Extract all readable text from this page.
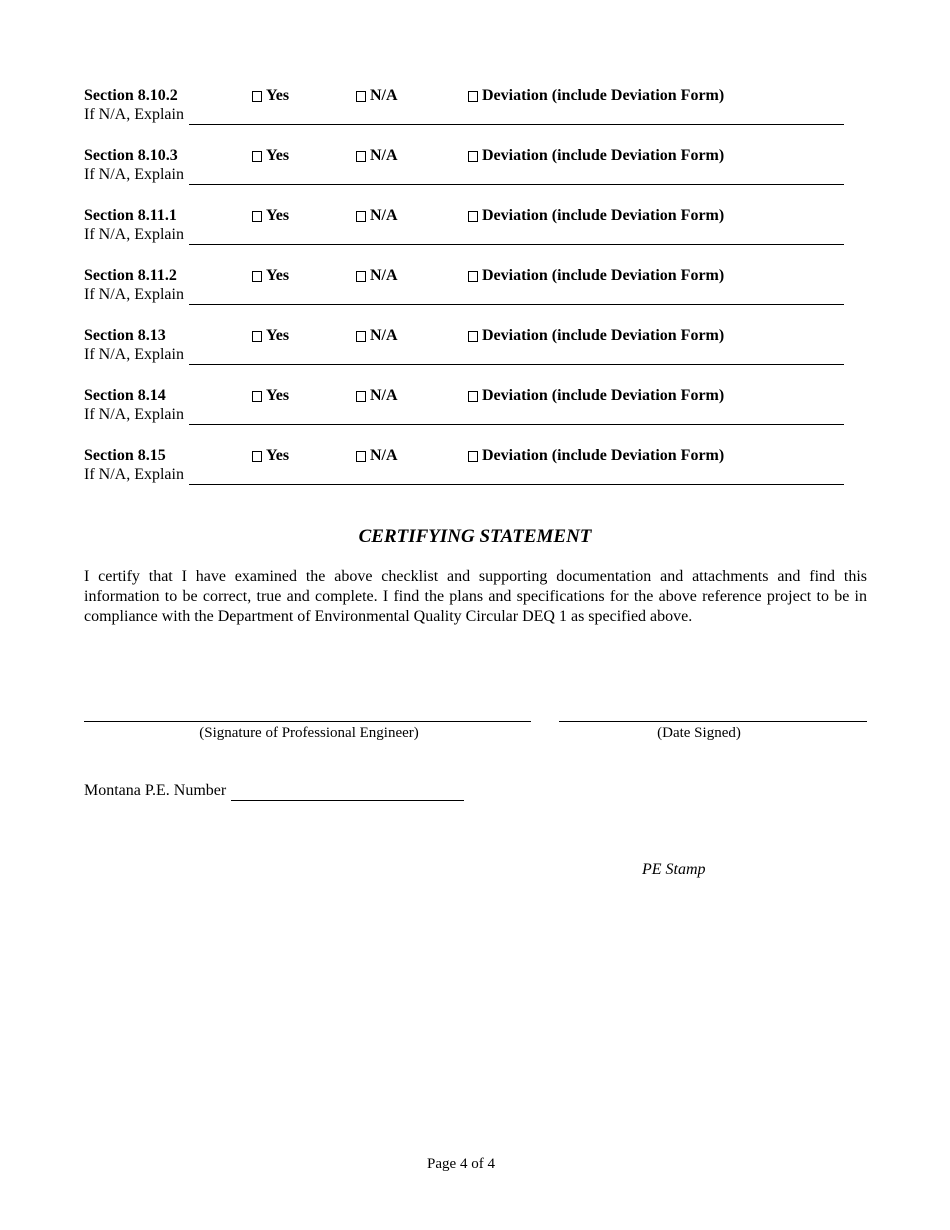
Section 8.10.2	Yes	N/A	Deviation (include Deviation Form)
If N/A, Explain
Section 8.10.3	Yes	N/A	Deviation (include Deviation Form)
If N/A, Explain
Section 8.11.1	Yes	N/A	Deviation (include Deviation Form)
If N/A, Explain
Section 8.11.2	Yes	N/A	Deviation (include Deviation Form)
If N/A, Explain
Section 8.13	Yes	N/A	Deviation (include Deviation Form)
If N/A, Explain
Section 8.14	Yes	N/A	Deviation (include Deviation Form)
If N/A, Explain
Section 8.15	Yes	N/A	Deviation (include Deviation Form)
If N/A, Explain
CERTIFYING STATEMENT
I certify that I have examined the above checklist and supporting documentation and attachments and find this information to be correct, true and complete. I find the plans and specifications for the above reference project to be in compliance with the Department of Environmental Quality Circular DEQ 1 as specified above.
(Signature of Professional Engineer)	(Date Signed)
Montana P.E. Number
PE Stamp
Page 4 of 4
